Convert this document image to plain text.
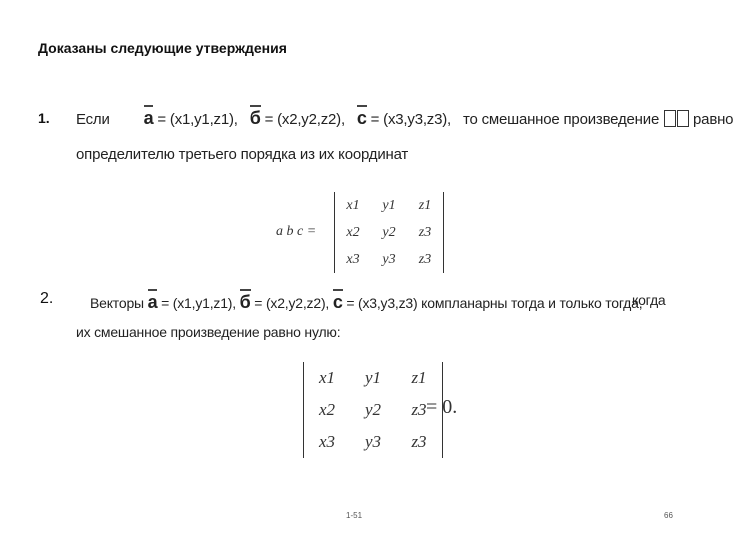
Доказаны следующие утверждения
1. Если а = (x1,y1,z1), б = (x2,y2,z2), с = (x3,y3,z3), то смешанное произведение равно
определителю третьего порядка из их координат
a b c =
x1	y1	z1
x2	y2	z3
x3	y3	z3
2.	Векторы а = (x1,y1,z1), б = (x2,y2,z2), с = (x3,y3,z3) компланарны тогда и только тогда,
когда
их смешанное произведение равно нулю:
x1	y1	z1
x2	y2	z3
x3	y3	z3
= 0.
1-51	66
